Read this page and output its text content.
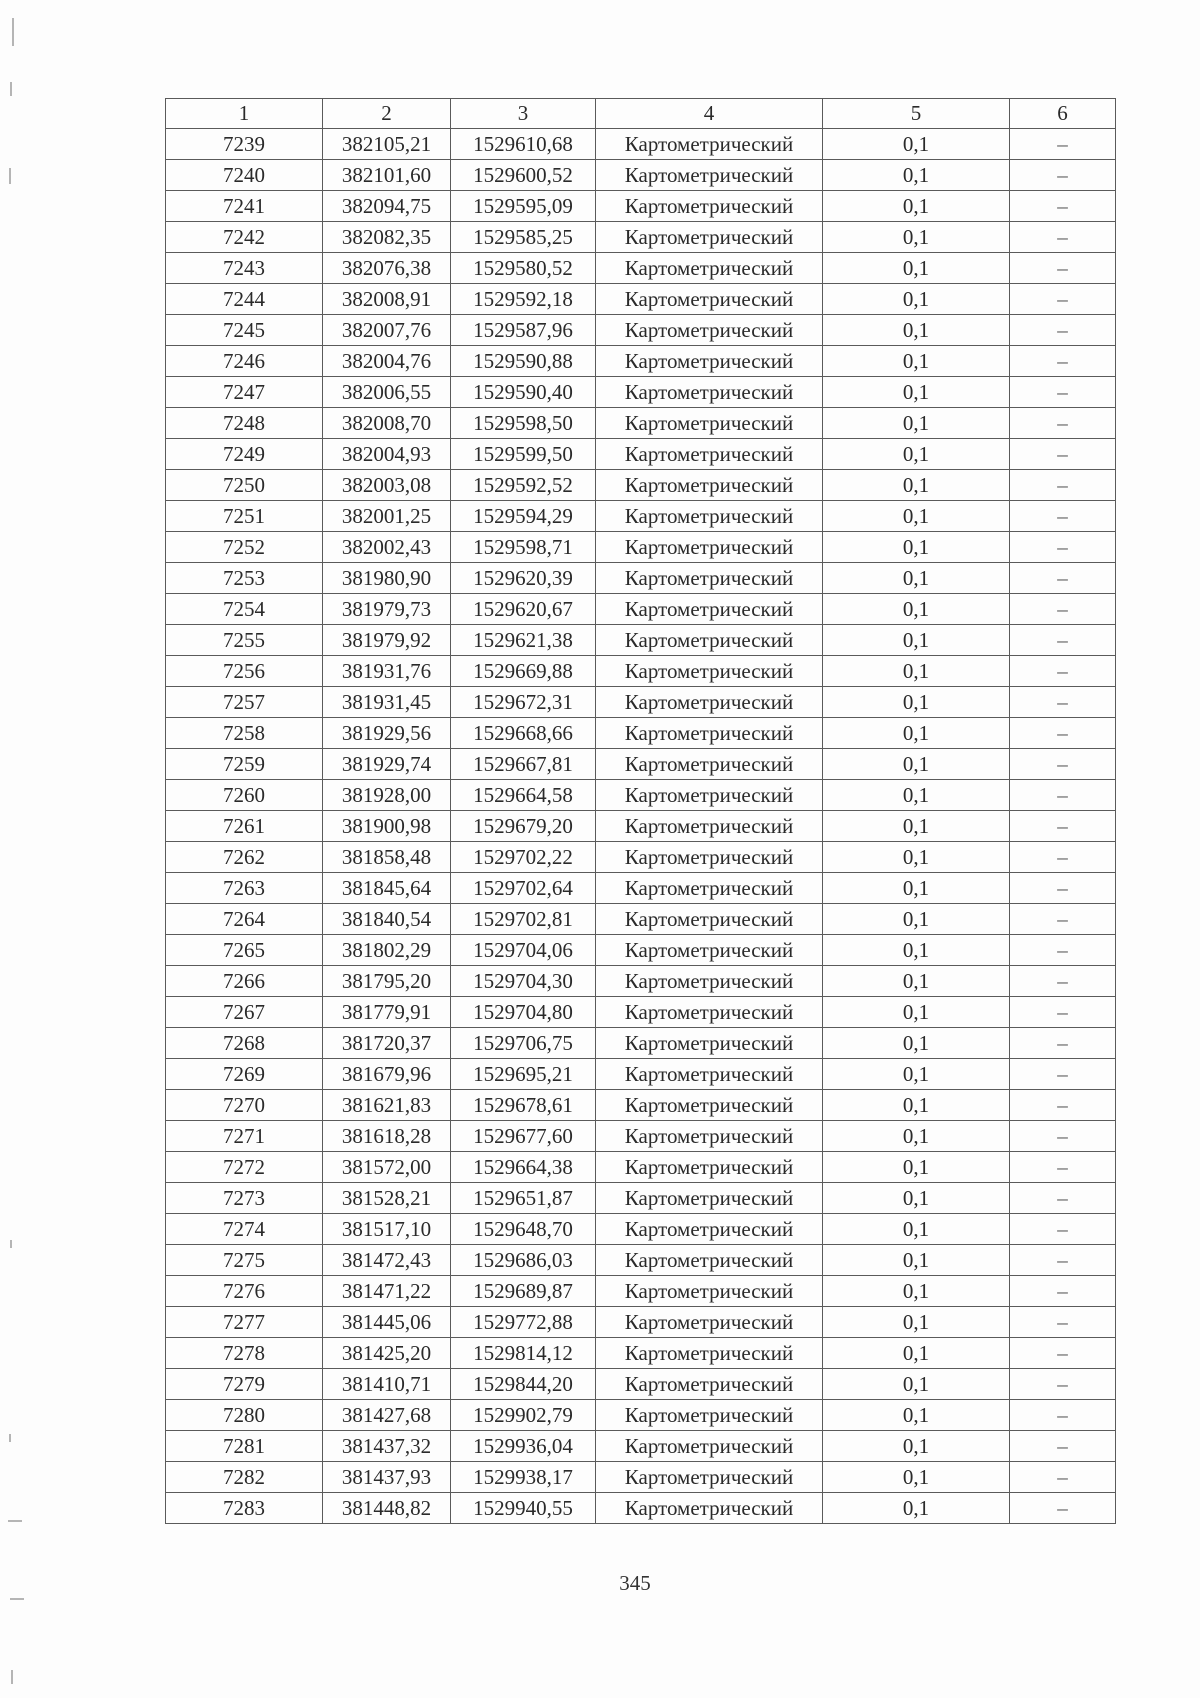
1	2	3	4	5	6
7239	382105,21	1529610,68	Картометрический	0,1	–
7240	382101,60	1529600,52	Картометрический	0,1	–
7241	382094,75	1529595,09	Картометрический	0,1	–
7242	382082,35	1529585,25	Картометрический	0,1	–
7243	382076,38	1529580,52	Картометрический	0,1	–
7244	382008,91	1529592,18	Картометрический	0,1	–
7245	382007,76	1529587,96	Картометрический	0,1	–
7246	382004,76	1529590,88	Картометрический	0,1	–
7247	382006,55	1529590,40	Картометрический	0,1	–
7248	382008,70	1529598,50	Картометрический	0,1	–
7249	382004,93	1529599,50	Картометрический	0,1	–
7250	382003,08	1529592,52	Картометрический	0,1	–
7251	382001,25	1529594,29	Картометрический	0,1	–
7252	382002,43	1529598,71	Картометрический	0,1	–
7253	381980,90	1529620,39	Картометрический	0,1	–
7254	381979,73	1529620,67	Картометрический	0,1	–
7255	381979,92	1529621,38	Картометрический	0,1	–
7256	381931,76	1529669,88	Картометрический	0,1	–
7257	381931,45	1529672,31	Картометрический	0,1	–
7258	381929,56	1529668,66	Картометрический	0,1	–
7259	381929,74	1529667,81	Картометрический	0,1	–
7260	381928,00	1529664,58	Картометрический	0,1	–
7261	381900,98	1529679,20	Картометрический	0,1	–
7262	381858,48	1529702,22	Картометрический	0,1	–
7263	381845,64	1529702,64	Картометрический	0,1	–
7264	381840,54	1529702,81	Картометрический	0,1	–
7265	381802,29	1529704,06	Картометрический	0,1	–
7266	381795,20	1529704,30	Картометрический	0,1	–
7267	381779,91	1529704,80	Картометрический	0,1	–
7268	381720,37	1529706,75	Картометрический	0,1	–
7269	381679,96	1529695,21	Картометрический	0,1	–
7270	381621,83	1529678,61	Картометрический	0,1	–
7271	381618,28	1529677,60	Картометрический	0,1	–
7272	381572,00	1529664,38	Картометрический	0,1	–
7273	381528,21	1529651,87	Картометрический	0,1	–
7274	381517,10	1529648,70	Картометрический	0,1	–
7275	381472,43	1529686,03	Картометрический	0,1	–
7276	381471,22	1529689,87	Картометрический	0,1	–
7277	381445,06	1529772,88	Картометрический	0,1	–
7278	381425,20	1529814,12	Картометрический	0,1	–
7279	381410,71	1529844,20	Картометрический	0,1	–
7280	381427,68	1529902,79	Картометрический	0,1	–
7281	381437,32	1529936,04	Картометрический	0,1	–
7282	381437,93	1529938,17	Картометрический	0,1	–
7283	381448,82	1529940,55	Картометрический	0,1	–
345
